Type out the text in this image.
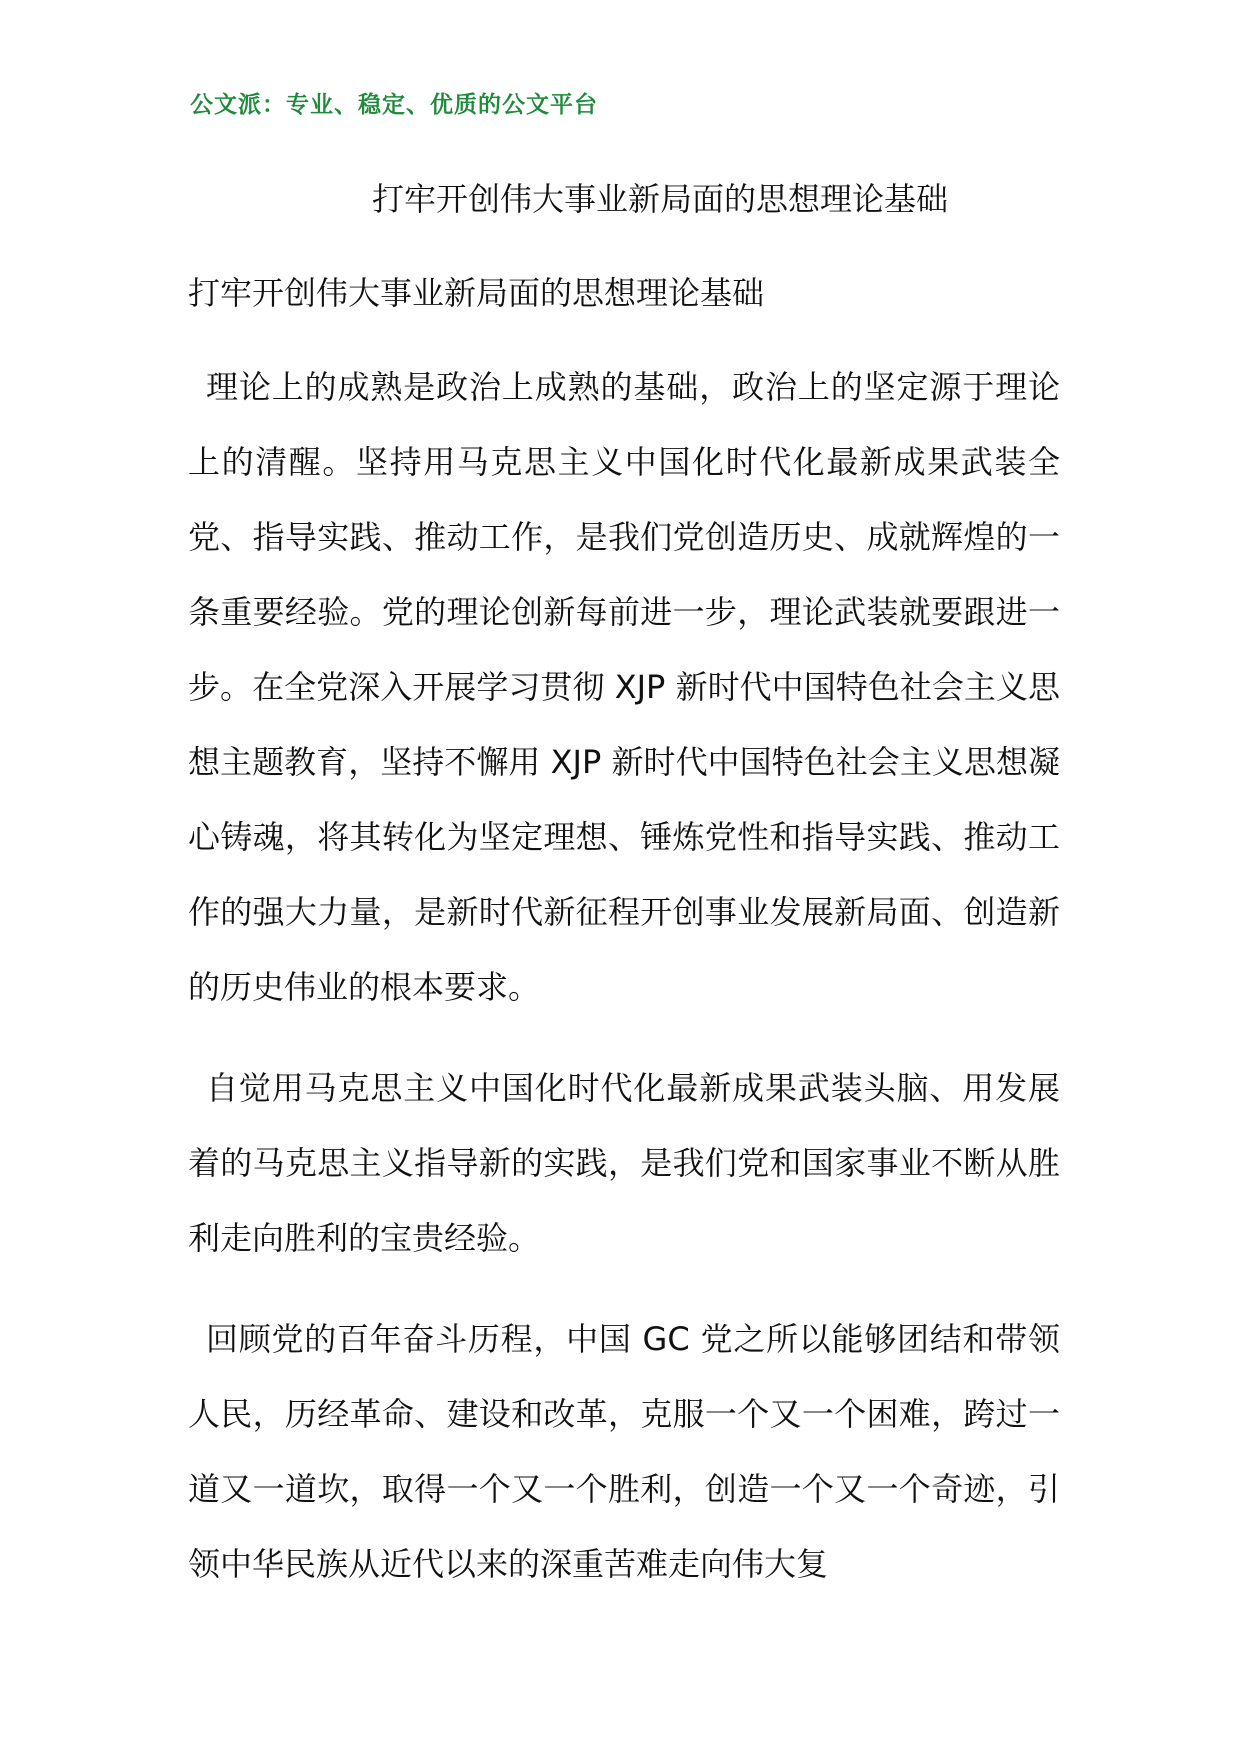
公文派：专业、稳定、优质的公文平台
打牢开创伟大事业新局面的思想理论基础
打牢开创伟大事业新局面的思想理论基础

理论上的成熟是政治上成熟的基础，政治上的坚定源于理论上的清醒。坚持用马克思主义中国化时代化最新成果武装全党、指导实践、推动工作，是我们党创造历史、成就辉煌的一条重要经验。党的理论创新每前进一步，理论武装就要跟进一步。在全党深入开展学习贯彻 XJP 新时代中国特色社会主义思想主题教育，坚持不懈用 XJP 新时代中国特色社会主义思想凝心铸魂，将其转化为坚定理想、锤炼党性和指导实践、推动工作的强大力量，是新时代新征程开创事业发展新局面、创造新的历史伟业的根本要求。

自觉用马克思主义中国化时代化最新成果武装头脑、用发展着的马克思主义指导新的实践，是我们党和国家事业不断从胜利走向胜利的宝贵经验。

回顾党的百年奋斗历程，中国 GC 党之所以能够团结和带领人民，历经革命、建设和改革，克服一个又一个困难，跨过一道又一道坎，取得一个又一个胜利，创造一个又一个奇迹，引领中华民族从近代以来的深重苦难走向伟大复
